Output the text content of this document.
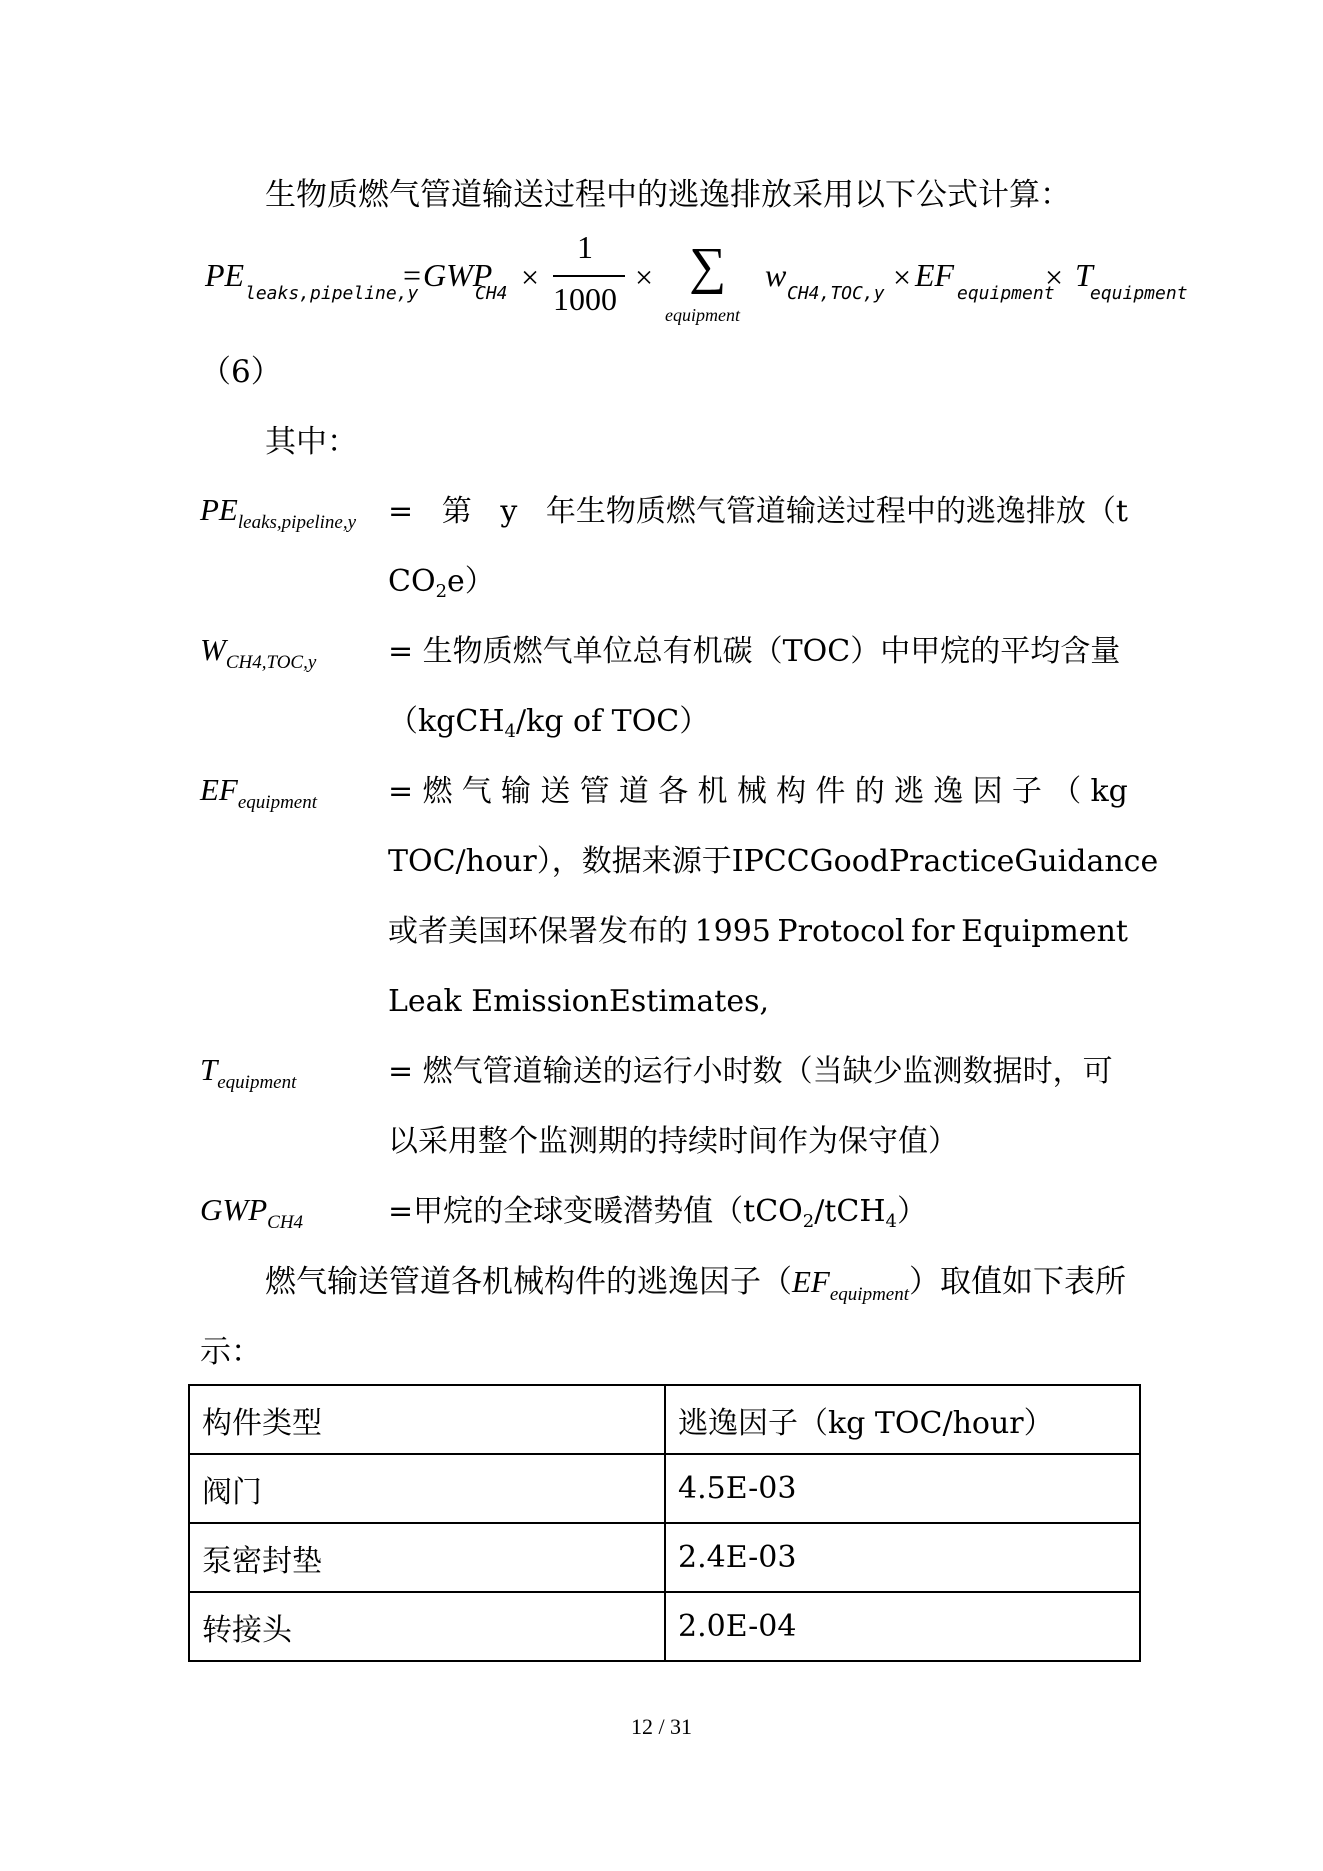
生物质燃气管道输送过程中的逃逸排放采用以下公式计算：
PE
leaks,pipeline,y
= GWP
CH4 ×
1
1000
× ∑
equipment
w
CH4,TOC,y × EF
equipment
× T
equipment
（6）
其中：
$PE_{leaks,pipeline,y}$ = 第 y 年生物质燃气管道输送过程中的逃逸排放（t
$CO_2e$）
$W_{CH4,TOC,y}$ = 生物质燃气单位总有机碳（TOC）中甲烷的平均含量
（kgCH$_4$/kg of TOC）
$EF_{equipment}$ = 燃 气 输 送 管 道 各 机 械 构 件 的 逃 逸 因 子 （ kg
TOC/hour），数据来源于 IPCC Good Practice Guidance
或者美国环保署发布的 1995 Protocol for Equipment
Leak EmissionEstimates,
$T_{equipment}$	= 燃气管道输送的运行小时数（当缺少监测数据时，可
以采用整个监测期的持续时间作为保守值）
$GWP_{CH4}$	=甲烷的全球变暖潜势值（tCO$_2$/tCH$_4$）
燃气输送管道各机械构件的逃逸因子$(EF_{equipment})$取值如下表所
示：
构件类型	逃逸因子（kg TOC/hour）
阀门	4.5E-03
泵密封垫	2.4E-03
转接头	2.0E-04
12 / 31
